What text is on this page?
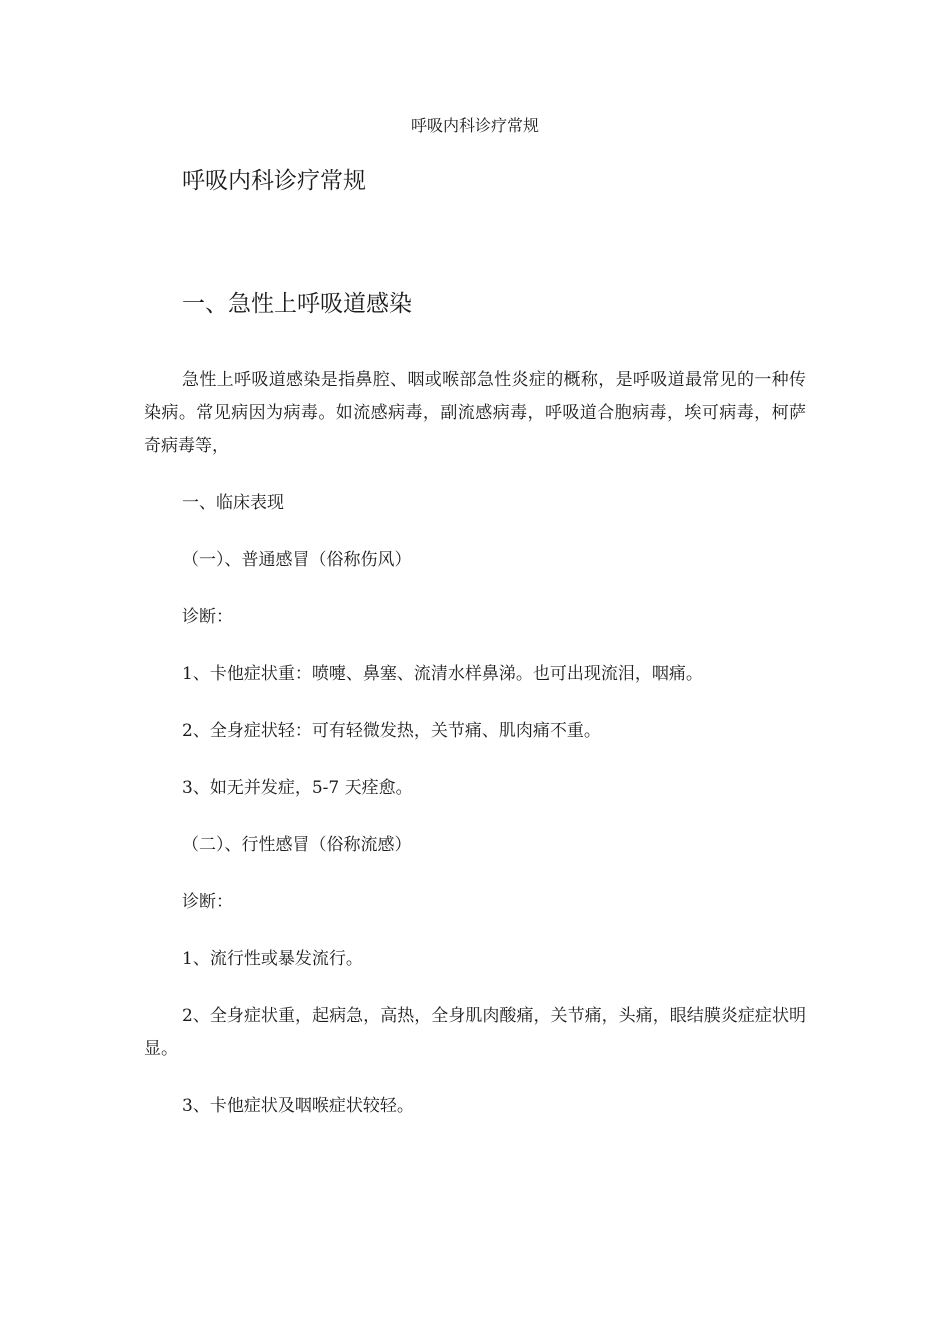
呼吸内科诊疗常规
呼吸内科诊疗常规
一、急性上呼吸道感染

急性上呼吸道感染是指鼻腔、咽或喉部急性炎症的概称，是呼吸道最常见的一种传染病。常见病因为病毒。如流感病毒，副流感病毒，呼吸道合胞病毒，埃可病毒，柯萨奇病毒等，

一、临床表现

（一）、普通感冒（俗称伤风）

诊断：

1、卡他症状重：喷嚏、鼻塞、流清水样鼻涕。也可出现流泪，咽痛。

2、全身症状轻：可有轻微发热，关节痛、肌肉痛不重。

3、如无并发症，5-7 天痊愈。

（二）、行性感冒（俗称流感）

诊断：

1、流行性或暴发流行。

2、全身症状重，起病急，高热，全身肌肉酸痛，关节痛，头痛，眼结膜炎症症状明显。

3、卡他症状及咽喉症状较轻。
